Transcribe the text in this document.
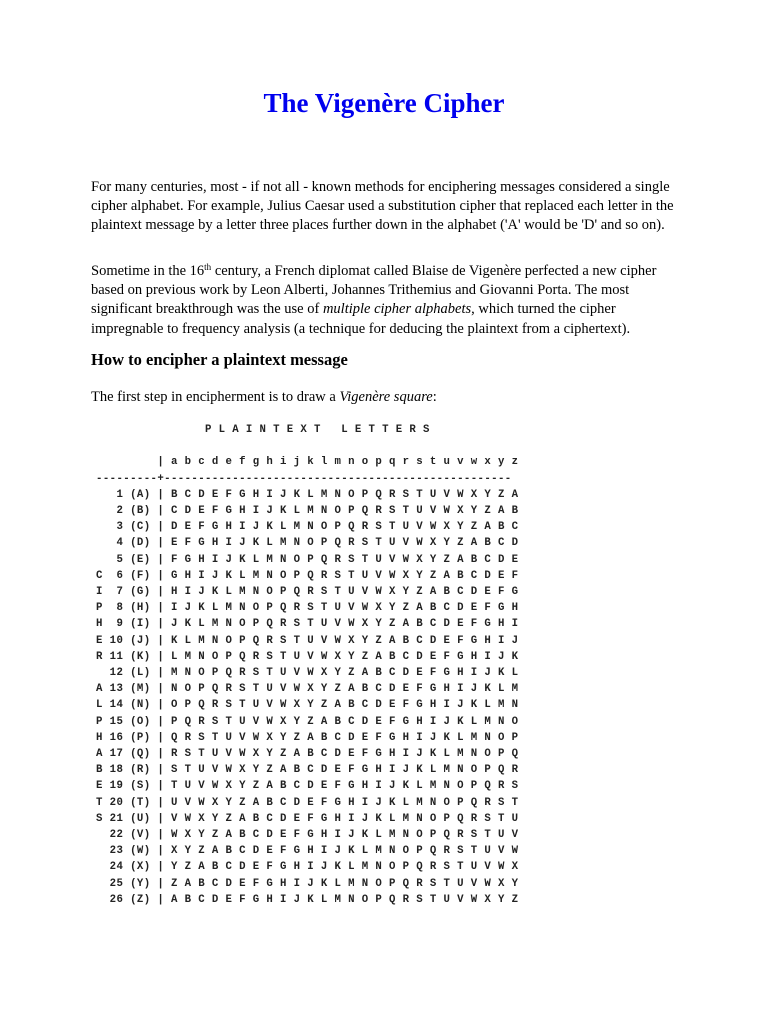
The Vigenère Cipher

For many centuries, most - if not all - known methods for enciphering messages considered a single cipher alphabet. For example, Julius Caesar used a substitution cipher that replaced each letter in the plaintext message by a letter three places further down in the alphabet ('A' would be 'D' and so on).

Sometime in the 16th century, a French diplomat called Blaise de Vigenère perfected a new cipher based on previous work by Leon Alberti, Johannes Trithemius and Giovanni Porta. The most significant breakthrough was the use of multiple cipher alphabets, which turned the cipher impregnable to frequency analysis (a technique for deducing the plaintext from a ciphertext).

How to encipher a plaintext message

The first step in encipherment is to draw a Vigenère square:

P L A I N T E X T   L E T T E R S

| a b c d e f g h i j k l m n o p q r s t u v w x y z
---------+---------------------------------------------------
1 (A) | B C D E F G H I J K L M N O P Q R S T U V W X Y Z A
2 (B) | C D E F G H I J K L M N O P Q R S T U V W X Y Z A B
3 (C) | D E F G H I J K L M N O P Q R S T U V W X Y Z A B C
4 (D) | E F G H I J K L M N O P Q R S T U V W X Y Z A B C D
5 (E) | F G H I J K L M N O P Q R S T U V W X Y Z A B C D E
C  6 (F) | G H I J K L M N O P Q R S T U V W X Y Z A B C D E F
I  7 (G) | H I J K L M N O P Q R S T U V W X Y Z A B C D E F G
P  8 (H) | I J K L M N O P Q R S T U V W X Y Z A B C D E F G H
H  9 (I) | J K L M N O P Q R S T U V W X Y Z A B C D E F G H I
E 10 (J) | K L M N O P Q R S T U V W X Y Z A B C D E F G H I J
R 11 (K) | L M N O P Q R S T U V W X Y Z A B C D E F G H I J K
12 (L) | M N O P Q R S T U V W X Y Z A B C D E F G H I J K L
A 13 (M) | N O P Q R S T U V W X Y Z A B C D E F G H I J K L M
L 14 (N) | O P Q R S T U V W X Y Z A B C D E F G H I J K L M N
P 15 (O) | P Q R S T U V W X Y Z A B C D E F G H I J K L M N O
H 16 (P) | Q R S T U V W X Y Z A B C D E F G H I J K L M N O P
A 17 (Q) | R S T U V W X Y Z A B C D E F G H I J K L M N O P Q
B 18 (R) | S T U V W X Y Z A B C D E F G H I J K L M N O P Q R
E 19 (S) | T U V W X Y Z A B C D E F G H I J K L M N O P Q R S
T 20 (T) | U V W X Y Z A B C D E F G H I J K L M N O P Q R S T
S 21 (U) | V W X Y Z A B C D E F G H I J K L M N O P Q R S T U
22 (V) | W X Y Z A B C D E F G H I J K L M N O P Q R S T U V
23 (W) | X Y Z A B C D E F G H I J K L M N O P Q R S T U V W
24 (X) | Y Z A B C D E F G H I J K L M N O P Q R S T U V W X
25 (Y) | Z A B C D E F G H I J K L M N O P Q R S T U V W X Y
26 (Z) | A B C D E F G H I J K L M N O P Q R S T U V W X Y Z
